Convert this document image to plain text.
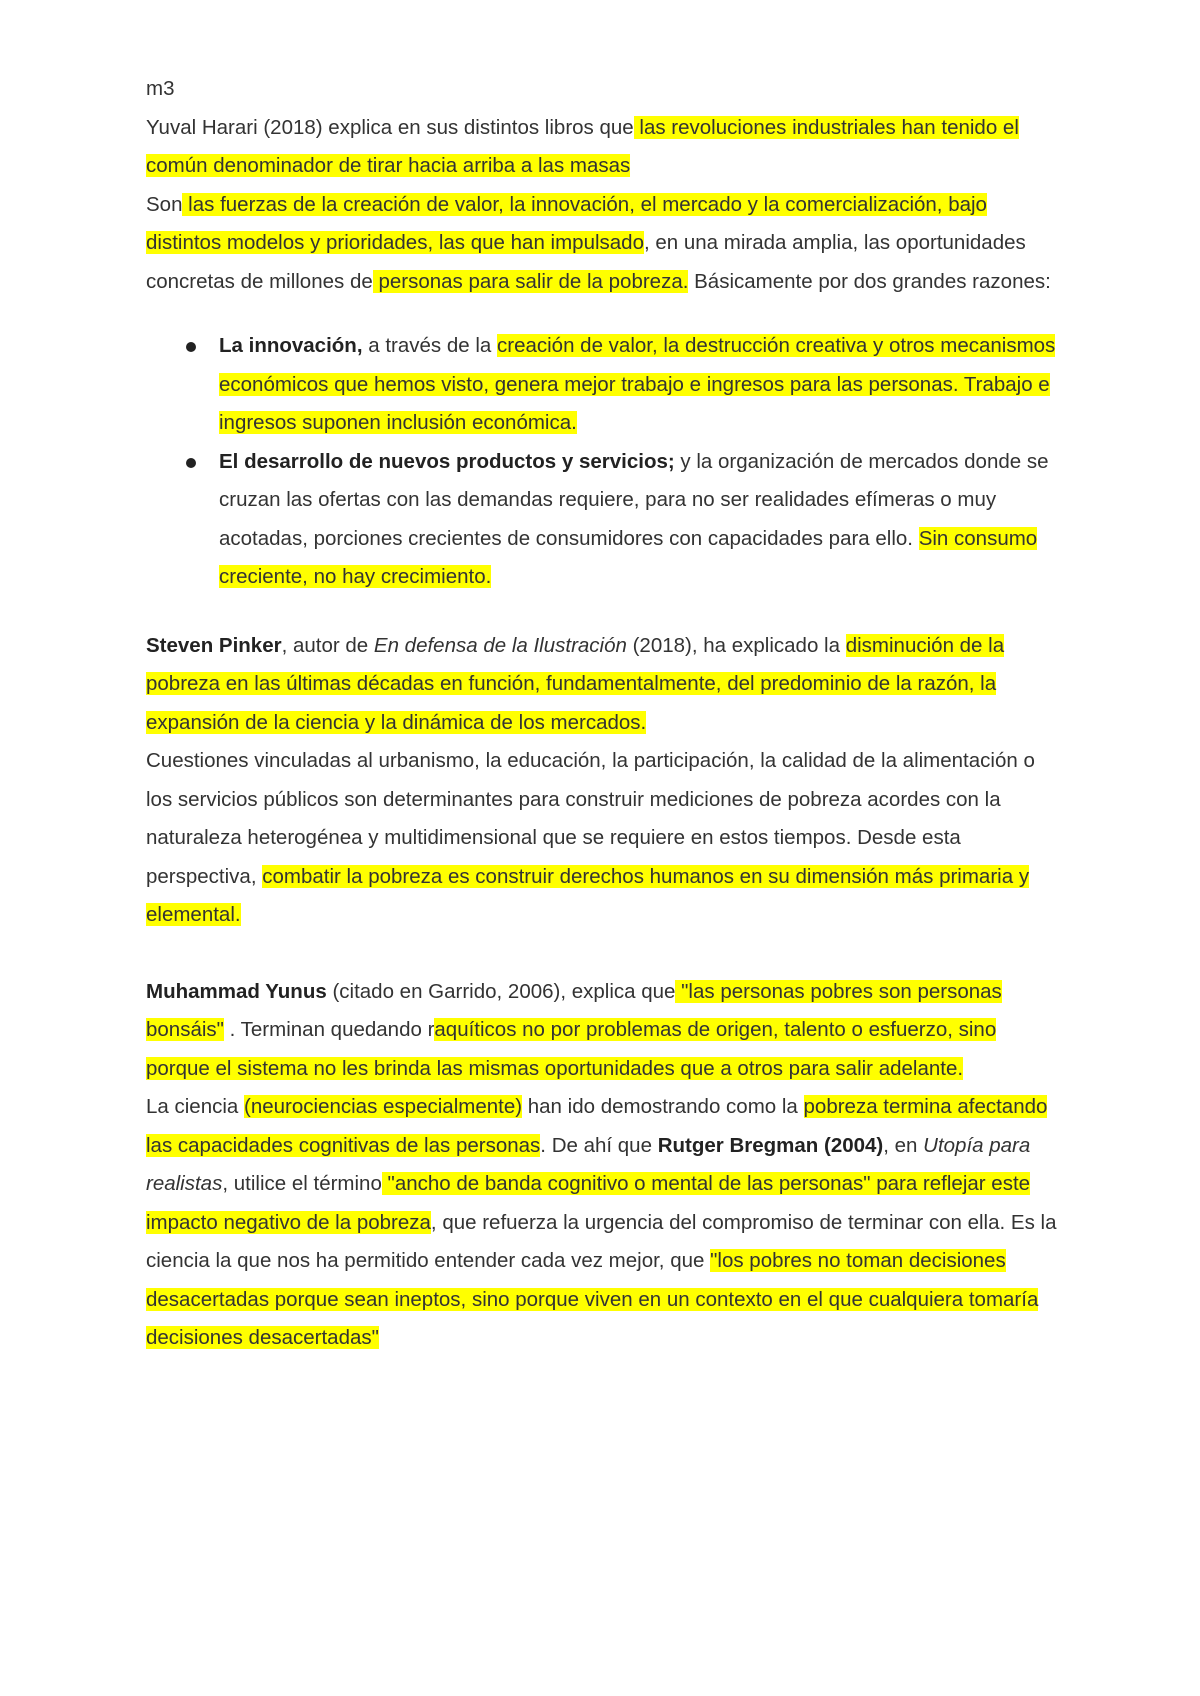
m3

Yuval Harari (2018) explica en sus distintos libros que las revoluciones industriales han tenido el común denominador de tirar hacia arriba a las masas

Son las fuerzas de la creación de valor, la innovación, el mercado y la comercialización, bajo distintos modelos y prioridades, las que han impulsado, en una mirada amplia, las oportunidades concretas de millones de personas para salir de la pobreza. Básicamente por dos grandes razones:

La innovación, a través de la creación de valor, la destrucción creativa y otros mecanismos económicos que hemos visto, genera mejor trabajo e ingresos para las personas. Trabajo e ingresos suponen inclusión económica.
El desarrollo de nuevos productos y servicios; y la organización de mercados donde se cruzan las ofertas con las demandas requiere, para no ser realidades efímeras o muy acotadas, porciones crecientes de consumidores con capacidades para ello. Sin consumo creciente, no hay crecimiento.

Steven Pinker, autor de En defensa de la Ilustración (2018), ha explicado la disminución de la pobreza en las últimas décadas en función, fundamentalmente, del predominio de la razón, la expansión de la ciencia y la dinámica de los mercados.

Cuestiones vinculadas al urbanismo, la educación, la participación, la calidad de la alimentación o los servicios públicos son determinantes para construir mediciones de pobreza acordes con la naturaleza heterogénea y multidimensional que se requiere en estos tiempos. Desde esta perspectiva, combatir la pobreza es construir derechos humanos en su dimensión más primaria y elemental.

Muhammad Yunus (citado en Garrido, 2006), explica que "las personas pobres son personas bonsáis" . Terminan quedando raquíticos no por problemas de origen, talento o esfuerzo, sino porque el sistema no les brinda las mismas oportunidades que a otros para salir adelante.

La ciencia (neurociencias especialmente) han ido demostrando como la pobreza termina afectando las capacidades cognitivas de las personas. De ahí que Rutger Bregman (2004), en Utopía para realistas, utilice el término "ancho de banda cognitivo o mental de las personas" para reflejar este impacto negativo de la pobreza, que refuerza la urgencia del compromiso de terminar con ella. Es la ciencia la que nos ha permitido entender cada vez mejor, que "los pobres no toman decisiones desacertadas porque sean ineptos, sino porque viven en un contexto en el que cualquiera tomaría decisiones desacertadas"
